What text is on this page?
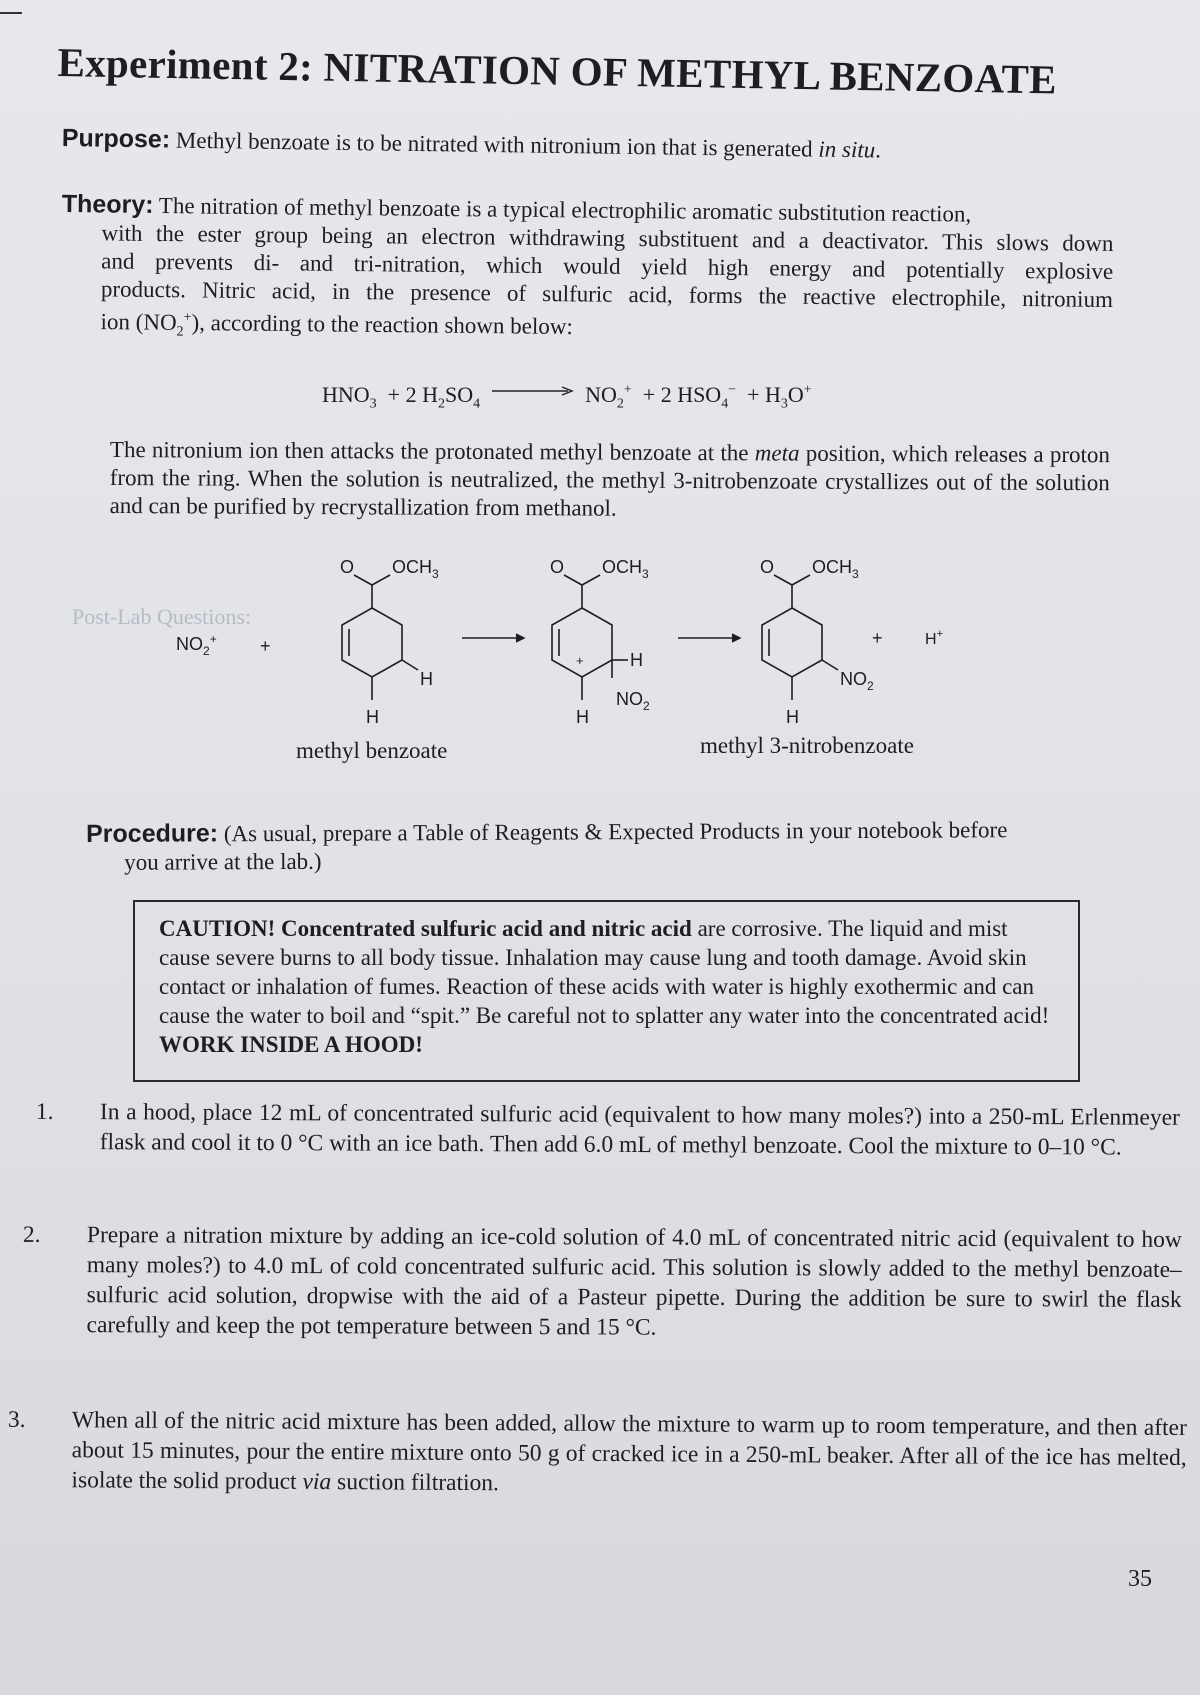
Post-Lab Questions:
Experiment 2: NITRATION OF METHYL BENZOATE

Purpose: Methyl benzoate is to be nitrated with nitronium ion that is generated in situ.

Theory: The nitration of methyl benzoate is a typical electrophilic aromatic substitution reaction,
with the ester group being an electron withdrawing substituent and a deactivator. This slows down
and prevents di- and tri-nitration, which would yield high energy and potentially explosive
products. Nitric acid, in the presence of sulfuric acid, forms the reactive electrophile, nitronium
ion $(NO_2^+)$, according to the reaction shown below:
$HNO_3 + 2$ $H_2SO_4 \to NO_2^+ + 2$ $HSO_4^- + H_3O^+$

The nitronium ion then attacks the protonated methyl benzoate at the meta position, which releases a proton from the ring. When the solution is neutralized, the methyl 3-nitrobenzoate crystallizes out of the solution and can be purified by recrystallization from methanol.

$NO_2^+$ +
O $OCH_3$
H
H
+
O $OCH_3$
H
$NO_2$
H
O $OCH_3$
$NO_2$
H
+	H+
methyl benzoate	methyl 3-nitrobenzoate

Procedure: (As usual, prepare a Table of Reagents & Expected Products in your notebook before
you arrive at the lab.)

CAUTION! Concentrated sulfuric acid and nitric acid are corrosive. The liquid and mist cause severe burns to all body tissue. Inhalation may cause lung and tooth damage. Avoid skin contact or inhalation of fumes. Reaction of these acids with water is highly exothermic and can cause the water to boil and “spit.” Be careful not to splatter any water into the concentrated acid! WORK INSIDE A HOOD!

1. In a hood, place 12 mL of concentrated sulfuric acid (equivalent to how many moles?) into a 250-mL Erlenmeyer flask and cool it to 0 °C with an ice bath. Then add 6.0 mL of methyl benzoate. Cool the mixture to 0–10 °C.

2. Prepare a nitration mixture by adding an ice-cold solution of 4.0 mL of concentrated nitric acid (equivalent to how many moles?) to 4.0 mL of cold concentrated sulfuric acid. This solution is slowly added to the methyl benzoate–sulfuric acid solution, dropwise with the aid of a Pasteur pipette. During the addition be sure to swirl the flask carefully and keep the pot temperature between 5 and 15 °C.

3. When all of the nitric acid mixture has been added, allow the mixture to warm up to room temperature, and then after about 15 minutes, pour the entire mixture onto 50 g of cracked ice in a 250-mL beaker. After all of the ice has melted, isolate the solid product via suction filtration.

35
